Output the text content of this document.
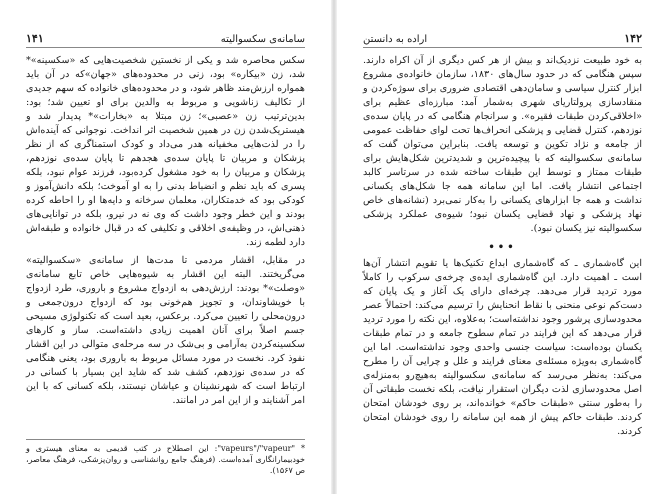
سامانه‌ی سکسوالیته
۱۴۱

سکس محاصره شد و یکی از نخستین شخصیت‌هایی که «سکسینه»* شد، زن «بیکاره» بود، زنی در محدوده‌های «جهان»که در آن باید همواره ارزش‌مند ظاهر شود، و در محدوده‌های خانواده که سهم جدیدی از تکالیف زناشویی و مربوط به والدین برای او تعیین شد؛ بود: بدین‌ترتیب زن «عصبی»؛ زن مبتلا به «بخارات»* پدیدار شد و هیستریک‌شدن زن در همین شخصیت‌ اثر انداخت. نوجوانی که آینده‌اش را در لذت‌هایی مخفیانه هدر می‌داد و کودک استمناگری که از نظر پزشکان و مربیان تا پایان سده‌ی هجدهم تا پایان سده‌ی نوزدهم، پزشکان و مربیان را به خود مشغول کرده‌بود، فرزند عوام نبود، بلکه پسری که باید نظم و انضباط بدنی را به او آموخت؛ بلکه دانش‌آموز و کودکی بود که خدمتکاران، معلمان سرخانه و دایه‌ها او را احاطه کرده بودند و این خطر وجود داشت که وی نه در نیرو، بلکه در توانایی‌های ذهنی‌اش، در وظیفه‌ی اخلاقی و تکلیفی که در قبال خانواده و طبقه‌اش دارد لطمه زند.

در مقابل، اقشار مردمی تا مدت‌ها از سامانه‌ی «سکسوالیته» می‌گریختند. البته این اقشار به شیوه‌هایی خاص تابع سامانه‌ی «وصلت»* بودند: ارزش‌دهی به ازدواج مشروع و باروری، طرد ازدواج با خویشاوندان، و تجویز هم‌خونی بود که ازدواج درون‌جمعی و درون‌محلی را تعیین می‌کرد. برعکس، بعید است که تکنولوژی مسیحی جسم اصلاً برای آنان اهمیت زیادی داشته‌است. ساز و کارهای سکسینه‌کردن به‌آرامی و بی‌شک در سه مرحله‌ی متوالی در این اقشار نفوذ کرد. نخست در مورد مسائل مربوط به باروری بود، یعنی هنگامی که در سده‌ی نوزدهم، کشف شد که شاید این بسیار با کسانی در ارتباط است که شهرنشینان و عیاشان نیستند، بلکه کسانی که با این امر آشنایند و از این امر در امانند.

* "vapeurs"/"vapeur": این اصطلاح در کتب قدیمی به معنای هیستری و خودبیمارانگاری آمده‌است. (فرهنگ جامع روانشناسی و روان‌پزشکی، فرهنگ معاصر، ص ۱۵۶۷).
۱۴۲
اراده به دانستن

به خود طبیعت نزدیک‌اند و بیش از هر کس دیگری از آن اکراه دارند. سپس هنگامی که در حدود سال‌های ۱۸۳۰، سازمان خانواده‌ی مشروع ابزار کنترل سیاسی و سامان‌دهی اقتصادی ضروری برای سوژه‌کردن و منقادسازی پرولتاریای شهری به‌شمار آمد: مبارزه‌ای عظیم برای «اخلاقی‌کردن طبقات فقیره». و سرانجام هنگامی که در پایان سده‌ی نوزدهم، کنترل قضایی و پزشکی انحراف‌ها تحت لوای حفاظت عمومی از جامعه و نژاد تکوین و توسعه یافت. بنابراین می‌توان گفت که سامانه‌ی سکسوالیته که با پیچیده‌ترین و شدیدترین شکل‌هایش برای طبقات ممتاز و توسط این طبقات ساخته شده در سرتاسر کالبد اجتماعی انتشار یافت. اما این سامانه همه جا شکل‌های یکسانی نداشت و همه جا ابزارهای یکسانی را به‌کار نمی‌برد (نشانه‌های خاص نهاد پزشکی و نهاد قضایی یکسان نبود؛ شیوه‌ی عملکرد پزشکی سکسوالیته نیز یکسان نبود).

•••

این گاه‌شماری ـ که گاه‌شماری ابداع تکنیک‌ها یا تقویم انتشار آن‌ها است ـ اهمیت دارد. این گاه‌شماری ایده‌ی چرخه‌ی سرکوب را کاملاً مورد تردید قرار می‌دهد. چرخه‌ای دارای یک آغاز و یک پایان که دست‌کم نوعی منحنی با نقاط انحنایش را ترسیم می‌کند: احتمالاً عصر محدودسازی پرشور وجود نداشته‌است؛ به‌علاوه، این نکته را مورد تردید قرار می‌دهد که این فرایند در تمام سطوح جامعه و در تمام طبقات یکسان بوده‌است: سیاست جنسی واحدی وجود نداشته‌است. اما این گاه‌شماری به‌ویژه مسئله‌ی معنای فرایند و علل و چرایی آن را مطرح می‌کند: به‌نظر می‌رسد که سامانه‌ی سکسوالیته به‌هیچ‌رو به‌منزله‌ی اصل محدودسازی لذت دیگران استقرار نیافت، بلکه نخست طبقاتی آن را به‌طور سنتی «طبقات حاکم» خوانده‌اند، بر روی خودشان امتحان کردند. طبقات حاکم پیش از همه این سامانه را روی خودشان امتحان کردند.
